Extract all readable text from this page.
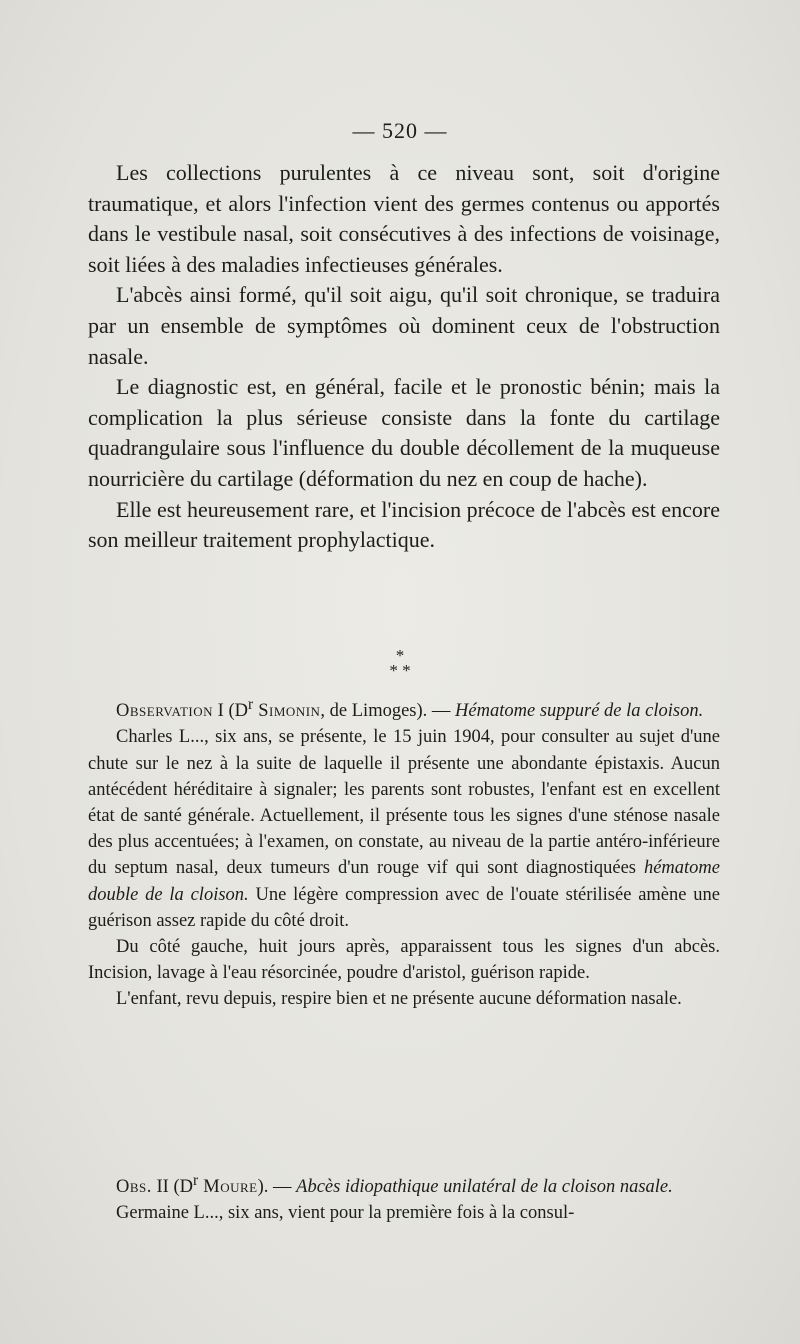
— 520 —

Les collections purulentes à ce niveau sont, soit d'origine traumatique, et alors l'infection vient des germes contenus ou apportés dans le vestibule nasal, soit consécutives à des infections de voisinage, soit liées à des maladies infectieuses générales.

L'abcès ainsi formé, qu'il soit aigu, qu'il soit chronique, se traduira par un ensemble de symptômes où dominent ceux de l'obstruction nasale.

Le diagnostic est, en général, facile et le pronostic bénin; mais la complication la plus sérieuse consiste dans la fonte du cartilage quadrangulaire sous l'influence du double décollement de la muqueuse nourricière du cartilage (déformation du nez en coup de hache).

Elle est heureusement rare, et l'incision précoce de l'abcès est encore son meilleur traitement prophylactique.

*
* *

Observation I ($D^r$ Simonin, de Limoges). — Hématome suppuré de la cloison.

Charles L..., six ans, se présente, le 15 juin 1904, pour consulter au sujet d'une chute sur le nez à la suite de laquelle il présente une abondante épistaxis. Aucun antécédent héréditaire à signaler; les parents sont robustes, l'enfant est en excellent état de santé générale. Actuellement, il présente tous les signes d'une sténose nasale des plus accentuées; à l'examen, on constate, au niveau de la partie antéro-inférieure du septum nasal, deux tumeurs d'un rouge vif qui sont diagnostiquées hématome double de la cloison. Une légère compression avec de l'ouate stérilisée amène une guérison assez rapide du côté droit.

Du côté gauche, huit jours après, apparaissent tous les signes d'un abcès. Incision, lavage à l'eau résorcinée, poudre d'aristol, guérison rapide.

L'enfant, revu depuis, respire bien et ne présente aucune déformation nasale.

Obs. II ($D^r$ Moure). — Abcès idiopathique unilatéral de la cloison nasale.

Germaine L..., six ans, vient pour la première fois à la consul-
